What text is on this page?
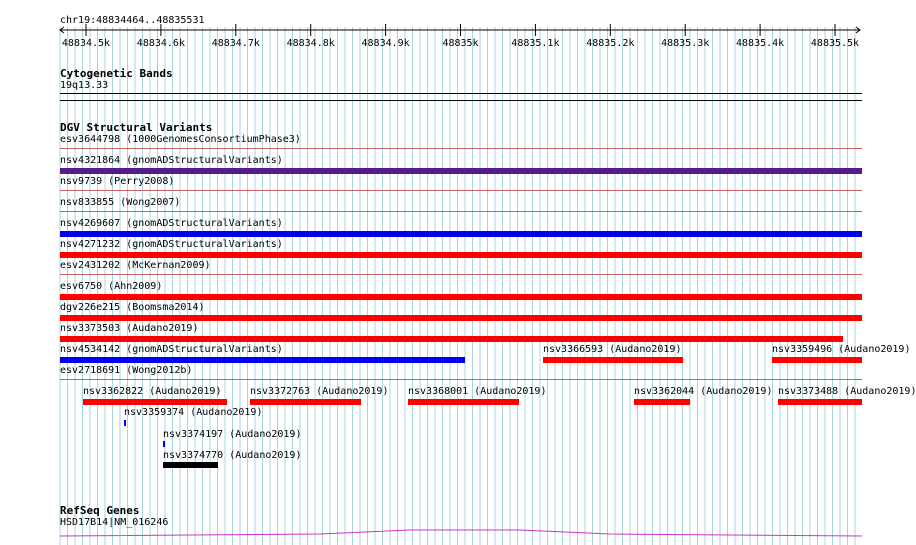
chr19:48834464..48835531
48834.5k	48834.6k	48834.7k	48834.8k	48834.9k	48835k	48835.1k	48835.2k	48835.3k	48835.4k	48835.5k
Cytogenetic Bands
19q13.33
DGV Structural Variants
esv3644798 (1000GenomesConsortiumPhase3)
nsv4321864 (gnomADStructuralVariants)
nsv9739 (Perry2008)
nsv833855 (Wong2007)
nsv4269607 (gnomADStructuralVariants)
nsv4271232 (gnomADStructuralVariants)
esv2431202 (McKernan2009)
esv6750 (Ahn2009)
dgv226e215 (Boomsma2014)
nsv3373503 (Audano2019)
nsv4534142 (gnomADStructuralVariants)	nsv3366593 (Audano2019)	nsv3359496 (Audano2019)
esv2718691 (Wong2012b)
nsv3362822 (Audano2019)	nsv3372763 (Audano2019) nsv3368001 (Audano2019)	nsv3362044 (Audano2019) nsv3373488 (Audano2019)
nsv3359374 (Audano2019)
nsv3374197 (Audano2019)
nsv3374770 (Audano2019)
RefSeq Genes
HSD17B14|NM_016246
